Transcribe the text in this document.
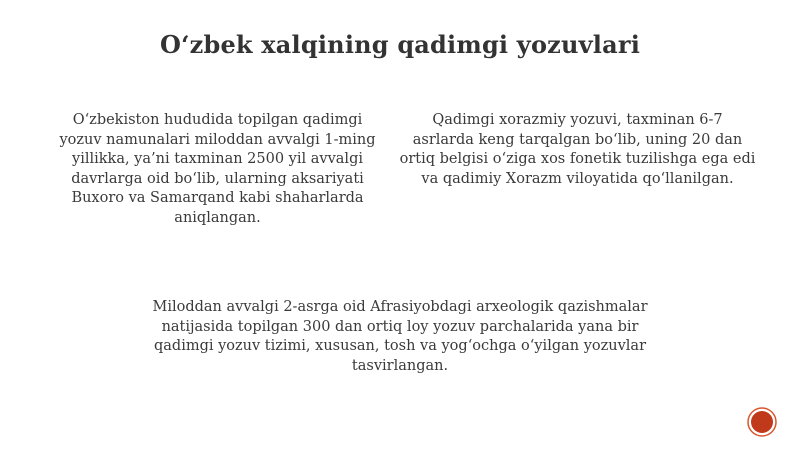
O‘zbek xalqining qadimgi yozuvlari
O‘zbekiston hududida topilgan qadimgi
yozuv namunalari miloddan avvalgi 1-ming
yillikka, ya’ni taxminan 2500 yil avvalgi
davrlarga oid bo‘lib, ularning aksariyati
Buxoro va Samarqand kabi shaharlarda
aniqlangan.
Qadimgi xorazmiy yozuvi, taxminan 6-7
asrlarda keng tarqalgan bo‘lib, uning 20 dan
ortiq belgisi o‘ziga xos fonetik tuzilishga ega edi
va qadimiy Xorazm viloyatida qo‘llanilgan.
Miloddan avvalgi 2-asrga oid Afrasiyobdagi arxeologik qazishmalar
natijasida topilgan 300 dan ortiq loy yozuv parchalarida yana bir
qadimgi yozuv tizimi, xususan, tosh va yog‘ochga o‘yilgan yozuvlar
tasvirlangan.
